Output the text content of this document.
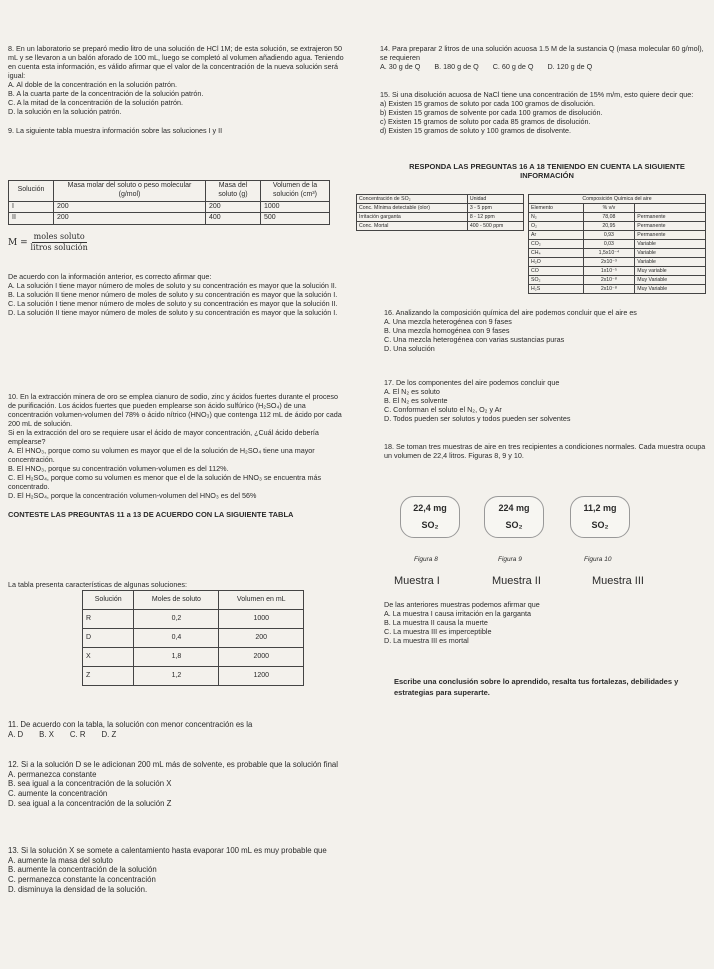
8. En un laboratorio se preparó medio litro de una solución de HCl 1M; de esta solución, se extrajeron 50 mL y se llevaron a un balón aforado de 100 mL, luego se completó al volumen añadiendo agua. Teniendo en cuenta esta información, es válido afirmar que el valor de la concentración de la nueva solución será igual:

A. Al doble de la concentración en la solución patrón.

B. A la cuarta parte de la concentración de la solución patrón.

C. A la mitad de la concentración de la solución patrón.

D. la solución en la solución patrón.

9. La siguiente tabla muestra información sobre las soluciones I y II

Solución	Masa molar del soluto o peso molecular (g/mol)	Masa del soluto (g)	Volumen de la solución (cm³)
I	200	200	1000
II	200	400	500
$M = \frac{\text{moles soluto}}{\text{litros solución}}$

De acuerdo con la información anterior, es correcto afirmar que:

A. La solución I tiene mayor número de moles de soluto y su concentración es mayor que la solución II.

B. La solución II tiene menor número de moles de soluto y su concentración es mayor que la solución I.

C. La solución I tiene menor número de moles de soluto y su concentración es mayor que la solución II.

D. La solución II tiene mayor número de moles de soluto y su concentración es mayor que la solución I.

10. En la extracción minera de oro se emplea cianuro de sodio, zinc y ácidos fuertes durante el proceso de purificación. Los ácidos fuertes que pueden emplearse son ácido sulfúrico (H₂SO₄) de una concentración volumen-volumen del 78% o ácido nítrico (HNO₃) que contenga 112 mL de ácido por cada 200 mL de solución.

Si en la extracción del oro se requiere usar el ácido de mayor concentración, ¿Cuál ácido debería emplearse?

A. El HNO₃, porque como su volumen es mayor que el de la solución de H₂SO₄ tiene una mayor concentración.

B. El HNO₃, porque su concentración volumen-volumen es del 112%.

C. El H₂SO₄, porque como su volumen es menor que el de la solución de HNO₃ se encuentra más concentrado.

D. El H₂SO₄, porque la concentración volumen-volumen del HNO₃ es del 56%

CONTESTE LAS PREGUNTAS 11 a 13 DE ACUERDO CON LA SIGUIENTE TABLA

La tabla presenta características de algunas soluciones:

Solución	Moles de soluto	Volumen en mL
R	0,2	1000
D	0,4	200
X	1,8	2000
Z	1,2	1200

11. De acuerdo con la tabla, la solución con menor concentración es la

A. D B. X C. R D. Z

12. Si a la solución D se le adicionan 200 mL más de solvente, es probable que la solución final

A. permanezca constante

B. sea igual a la concentración de la solución X

C. aumente la concentración

D. sea igual a la concentración de la solución Z

13. Si la solución X se somete a calentamiento hasta evaporar 100 mL es muy probable que

A. aumente la masa del soluto

B. aumente la concentración de la solución

C. permanezca constante la concentración

D. disminuya la densidad de la solución.

14. Para preparar 2 litros de una solución acuosa 1.5 M de la sustancia Q (masa molecular 60 g/mol), se requieren

A. 30 g de Q B. 180 g de Q C. 60 g de Q D. 120 g de Q

15. Si una disolución acuosa de NaCl tiene una concentración de 15% m/m, esto quiere decir que:

a) Existen 15 gramos de soluto por cada 100 gramos de disolución.

b) Existen 15 gramos de solvente por cada 100 gramos de disolución.

c) Existen 15 gramos de soluto por cada 85 gramos de disolución.

d) Existen 15 gramos de soluto y 100 gramos de disolvente.

RESPONDA LAS PREGUNTAS 16 A 18 TENIENDO EN CUENTA LA SIGUIENTE INFORMACIÓN

Concentración de SO₂	Unidad
Conc. Mínima detectable (olor)	3 - 5 ppm
Irritación garganta	8 - 12 ppm
Conc. Mortal	400 - 500 ppm
Composición Química del aire		
Elemento	% v/v	
N₂	78,08	Permanente
O₂	20,95	Permanente
Ar	0,93	Permanente
CO₂	0,03	Variable
CH₄	1,5x10⁻⁴	Variable
H₂O	2x10⁻³	Variable
CO	1x10⁻⁵	Muy variable
SO₂	2x10⁻⁸	Muy Variable
H₂S	2x10⁻⁸	Muy Variable

16. Analizando la composición química del aire podemos concluir que el aire es

A. Una mezcla heterogénea con 9 fases

B. Una mezcla homogénea con 9 fases

C. Una mezcla heterogénea con varias sustancias puras

D. Una solución

17. De los componentes del aire podemos concluir que

A. El N₂ es soluto

B. El N₂ es solvente

C. Conforman el soluto el N₂, O₂ y Ar

D. Todos pueden ser solutos y todos pueden ser solventes

18. Se toman tres muestras de aire en tres recipientes a condiciones normales. Cada muestra ocupa un volumen de 22,4 litros. Figuras 8, 9 y 10.

22,4 mg
SO₂
224 mg
SO₂
11,2 mg
SO₂
Figura 8	Figura 9	Figura 10
Muestra I	Muestra II	Muestra III

De las anteriores muestras podemos afirmar que

A. La muestra I causa irritación en la garganta

B. La muestra II causa la muerte

C. La muestra III es imperceptible

D. La muestra III es mortal

Escribe una conclusión sobre lo aprendido, resalta tus fortalezas, debilidades y estrategias para superarte.
